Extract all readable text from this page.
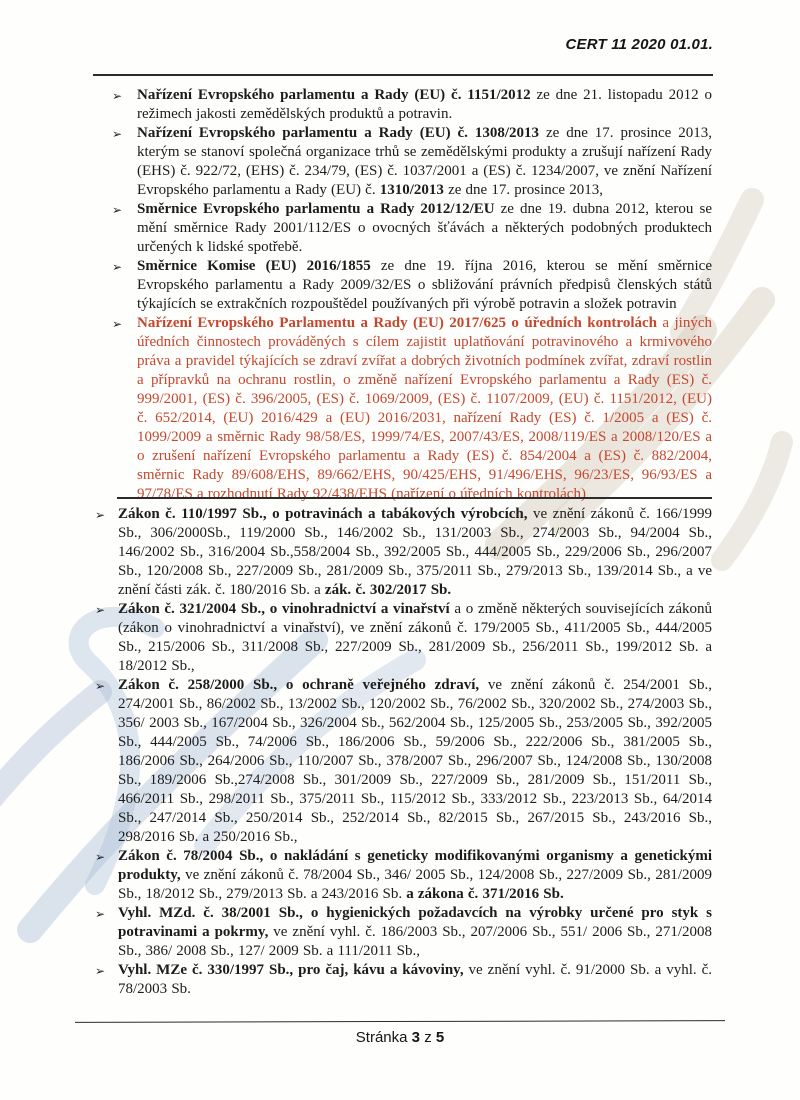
CERT 11 2020 01.01.
➢ Nařízení Evropského parlamentu a Rady (EU) č. 1151/2012 ze dne 21. listopadu 2012 o režimech jakosti zemědělských produktů a potravin.
➢ Nařízení Evropského parlamentu a Rady (EU) č. 1308/2013 ze dne 17. prosince 2013, kterým se stanoví společná organizace trhů se zemědělskými produkty a zrušují nařízení Rady (EHS) č. 922/72, (EHS) č. 234/79, (ES) č. 1037/2001 a (ES) č. 1234/2007, ve znění Nařízení Evropského parlamentu a Rady (EU) č. 1310/2013 ze dne 17. prosince 2013,
➢ Směrnice Evropského parlamentu a Rady 2012/12/EU ze dne 19. dubna 2012, kterou se mění směrnice Rady 2001/112/ES o ovocných šťávách a některých podobných produktech určených k lidské spotřebě.
➢ Směrnice Komise (EU) 2016/1855 ze dne 19. října 2016, kterou se mění směrnice Evropského parlamentu a Rady 2009/32/ES o sbližování právních předpisů členských států týkajících se extrakčních rozpouštědel používaných při výrobě potravin a složek potravin
➢ Nařízení Evropského Parlamentu a Rady (EU) 2017/625 o úředních kontrolách a jiných úředních činnostech prováděných s cílem zajistit uplatňování potravinového a krmivového práva a pravidel týkajících se zdraví zvířat a dobrých životních podmínek zvířat, zdraví rostlin a přípravků na ochranu rostlin, o změně nařízení Evropského parlamentu a Rady (ES) č. 999/2001, (ES) č. 396/2005, (ES) č. 1069/2009, (ES) č. 1107/2009, (EU) č. 1151/2012, (EU) č. 652/2014, (EU) 2016/429 a (EU) 2016/2031, nařízení Rady (ES) č. 1/2005 a (ES) č. 1099/2009 a směrnic Rady 98/58/ES, 1999/74/ES, 2007/43/ES, 2008/119/ES a 2008/120/ES a o zrušení nařízení Evropského parlamentu a Rady (ES) č. 854/2004 a (ES) č. 882/2004, směrnic Rady 89/608/EHS, 89/662/EHS, 90/425/EHS, 91/496/EHS, 96/23/ES, 96/93/ES a 97/78/ES a rozhodnutí Rady 92/438/EHS (nařízení o úředních kontrolách)
➢ Zákon č. 110/1997 Sb., o potravinách a tabákových výrobcích, ve znění zákonů č. 166/1999 Sb., 306/2000Sb., 119/2000 Sb., 146/2002 Sb., 131/2003 Sb., 274/2003 Sb., 94/2004 Sb., 146/2002 Sb., 316/2004 Sb.,558/2004 Sb., 392/2005 Sb., 444/2005 Sb., 229/2006 Sb., 296/2007 Sb., 120/2008 Sb., 227/2009 Sb., 281/2009 Sb., 375/2011 Sb., 279/2013 Sb., 139/2014 Sb., a ve znění části zák. č. 180/2016 Sb. a zák. č. 302/2017 Sb.
➢ Zákon č. 321/2004 Sb., o vinohradnictví a vinařství a o změně některých souvisejících zákonů (zákon o vinohradnictví a vinařství), ve znění zákonů č. 179/2005 Sb., 411/2005 Sb., 444/2005 Sb., 215/2006 Sb., 311/2008 Sb., 227/2009 Sb., 281/2009 Sb., 256/2011 Sb., 199/2012 Sb. a 18/2012 Sb.,
➢ Zákon č. 258/2000 Sb., o ochraně veřejného zdraví, ve znění zákonů č. 254/2001 Sb., 274/2001 Sb., 86/2002 Sb., 13/2002 Sb., 120/2002 Sb., 76/2002 Sb., 320/2002 Sb., 274/2003 Sb., 356/ 2003 Sb., 167/2004 Sb., 326/2004 Sb., 562/2004 Sb., 125/2005 Sb., 253/2005 Sb., 392/2005 Sb., 444/2005 Sb., 74/2006 Sb., 186/2006 Sb., 59/2006 Sb., 222/2006 Sb., 381/2005 Sb., 186/2006 Sb., 264/2006 Sb., 110/2007 Sb., 378/2007 Sb., 296/2007 Sb., 124/2008 Sb., 130/2008 Sb., 189/2006 Sb.,274/2008 Sb., 301/2009 Sb., 227/2009 Sb., 281/2009 Sb., 151/2011 Sb., 466/2011 Sb., 298/2011 Sb., 375/2011 Sb., 115/2012 Sb., 333/2012 Sb., 223/2013 Sb., 64/2014 Sb., 247/2014 Sb., 250/2014 Sb., 252/2014 Sb., 82/2015 Sb., 267/2015 Sb., 243/2016 Sb., 298/2016 Sb. a 250/2016 Sb.,
➢ Zákon č. 78/2004 Sb., o nakládání s geneticky modifikovanými organismy a genetickými produkty, ve znění zákonů č. 78/2004 Sb., 346/ 2005 Sb., 124/2008 Sb., 227/2009 Sb., 281/2009 Sb., 18/2012 Sb., 279/2013 Sb. a 243/2016 Sb. a zákona č. 371/2016 Sb.
➢ Vyhl. MZd. č. 38/2001 Sb., o hygienických požadavcích na výrobky určené pro styk s potravinami a pokrmy, ve znění vyhl. č. 186/2003 Sb., 207/2006 Sb., 551/ 2006 Sb., 271/2008 Sb., 386/ 2008 Sb., 127/ 2009 Sb. a 111/2011 Sb.,
➢ Vyhl. MZe č. 330/1997 Sb., pro čaj, kávu a kávoviny, ve znění vyhl. č. 91/2000 Sb. a vyhl. č. 78/2003 Sb.
Stránka 3 z 5
